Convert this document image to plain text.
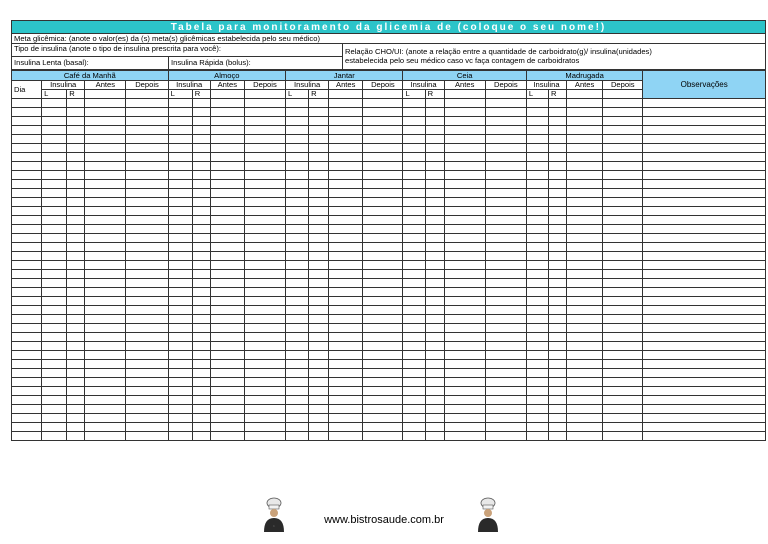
Tabela para monitoramento da glicemia de (coloque o seu nome!)
Meta glicêmica: (anote o valor(es) da (s) meta(s) glicêmicas estabelecida pelo seu médico)
Tipo de insulina (anote o tipo de insulina prescrita para você):
Insulina Lenta (basal):	Insulina Rápida (bolus):
Relação CHO/UI: (anote a relação entre a quantidade de carboidrato(g)/ insulina(unidades)
estabelecida pelo seu médico caso vc faça contagem de carboidratos
Café da Manhã					Almoço				Jantar				Ceia				Madrugada				Observações
Dia	Insulina		Antes	Depois	Insulina		Antes	Depois	Insulina		Antes	Depois	Insulina		Antes	Depois	Insulina		Antes	Depois	
	L	R			L	R			L	R			L	R			L	R			

⋆	www.bistrosaude.com.br
